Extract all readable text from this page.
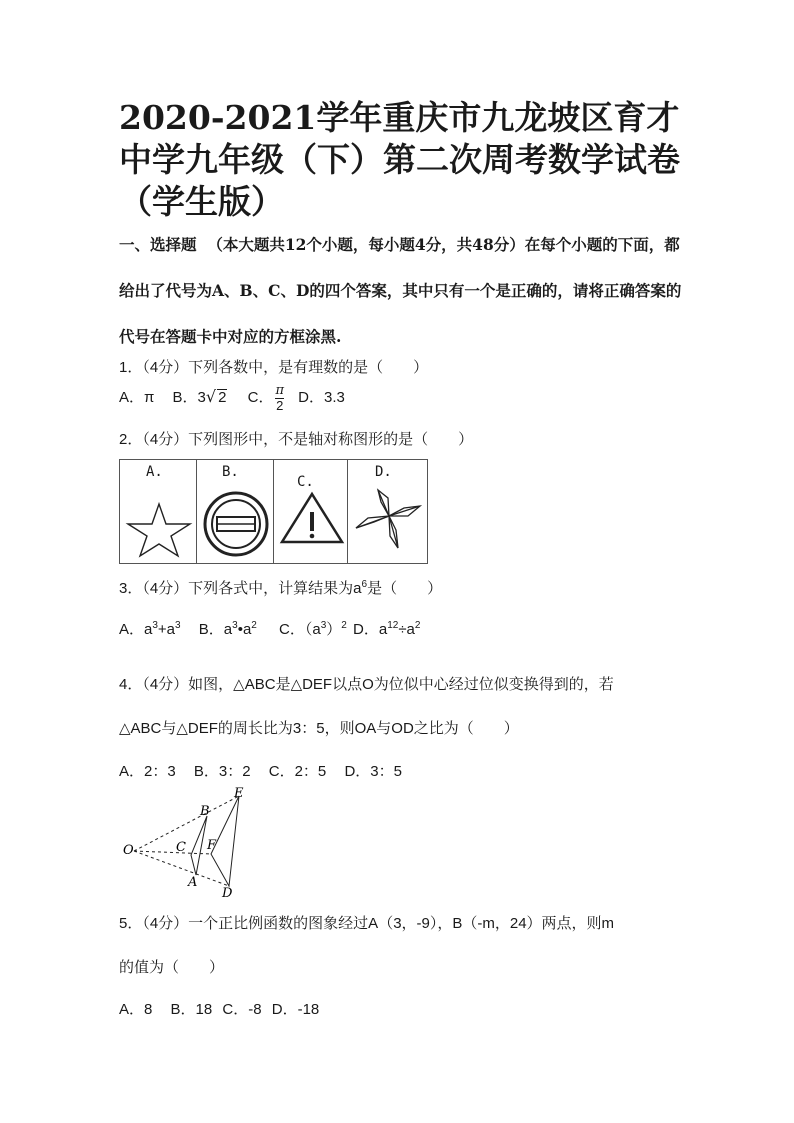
2020-2021学年重庆市九龙坡区育才中学九年级（下）第二次周考数学试卷（学生版）

一、选择题 （本大题共12个小题，每小题4分，共48分）在每个小题的下面，都给出了代号为A、B、C、D的四个答案，其中只有一个是正确的，请将正确答案的代号在答题卡中对应的方框涂黑.

1．（4分）下列各数中，是有理数的是（　　）
A．π B．3√ 2 C． $\frac{\pi}{2}$ D．3.3
2．（4分）下列图形中，不是轴对称图形的是（　　）
A.	B.
C.
D.
3．（4分）下列各式中，计算结果为$a^6$是（　　）
A．$a^3+a^3$ B．$a^3•a^2$ C．$(a^3)^2$ D．$a^{12}\div a^2$

4．（4分）如图，△ABC是△DEF以点O为位似中心经过位似变换得到的，若
△ABC与△DEF的周长比为3：5，则OA与OD之比为（　　）

A．2：3 B．3：2 C．2：5 D．3：5
O
B
C
A
E
F
D

5．（4分）一个正比例函数的图象经过A（3，-9），B（-m，24）两点，则m
的值为（　　）

A．8 B．18 C．-8 D．-18
